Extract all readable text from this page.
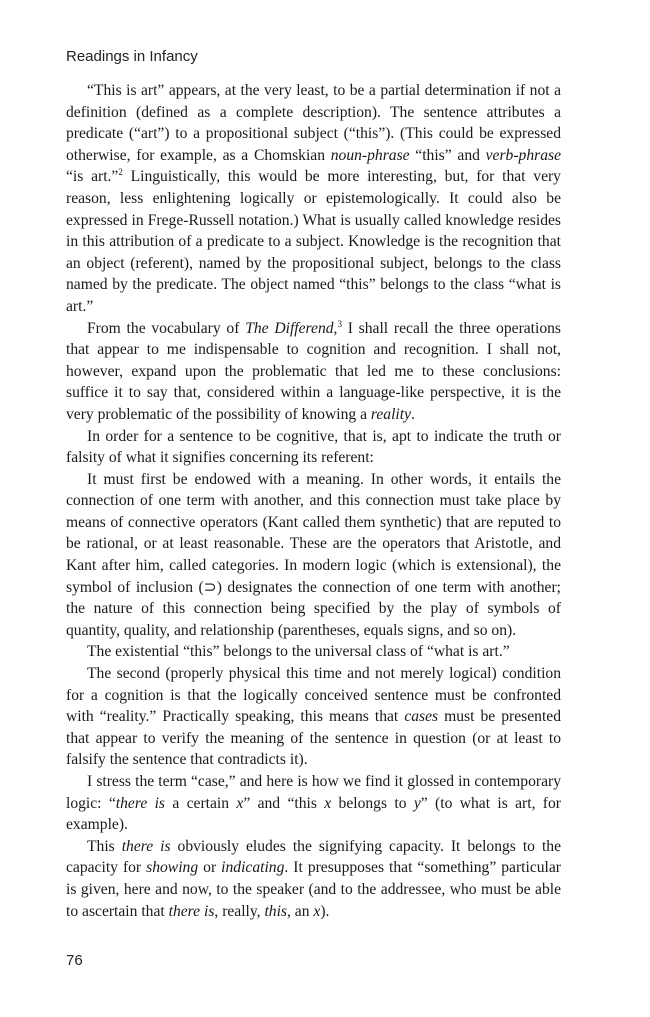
Readings in Infancy

“This is art” appears, at the very least, to be a partial determination if not a definition (defined as a complete description). The sentence attributes a predicate (“art”) to a propositional subject (“this”). (This could be expressed otherwise, for example, as a Chomskian noun-phrase “this” and verb-phrase “is art.”$^2$ Linguistically, this would be more interesting, but, for that very reason, less enlightening logically or epistemologically. It could also be expressed in Frege-Russell notation.) What is usually called knowledge resides in this attribution of a predicate to a subject. Knowledge is the recognition that an object (referent), named by the propositional subject, belongs to the class named by the predicate. The object named “this” belongs to the class “what is art.”

From the vocabulary of The Differend,$^3$ I shall recall the three operations that appear to me indispensable to cognition and recognition. I shall not, however, expand upon the problematic that led me to these conclusions: suffice it to say that, considered within a language-like perspective, it is the very problematic of the possibility of knowing a reality.

In order for a sentence to be cognitive, that is, apt to indicate the truth or falsity of what it signifies concerning its referent:

It must first be endowed with a meaning. In other words, it entails the connection of one term with another, and this connection must take place by means of connective operators (Kant called them synthetic) that are reputed to be rational, or at least reasonable. These are the operators that Aristotle, and Kant after him, called categories. In modern logic (which is extensional), the symbol of inclusion (⊃) designates the connection of one term with another; the nature of this connection being specified by the play of symbols of quantity, quality, and relationship (parentheses, equals signs, and so on).

The existential “this” belongs to the universal class of “what is art.”

The second (properly physical this time and not merely logical) condition for a cognition is that the logically conceived sentence must be confronted with “reality.” Practically speaking, this means that cases must be presented that appear to verify the meaning of the sentence in question (or at least to falsify the sentence that contradicts it).

I stress the term “case,” and here is how we find it glossed in contemporary logic: “there is a certain x” and “this x belongs to y” (to what is art, for example).

This there is obviously eludes the signifying capacity. It belongs to the capacity for showing or indicating. It presupposes that “something” particular is given, here and now, to the speaker (and to the addressee, who must be able to ascertain that there is, really, this, an x).

76
